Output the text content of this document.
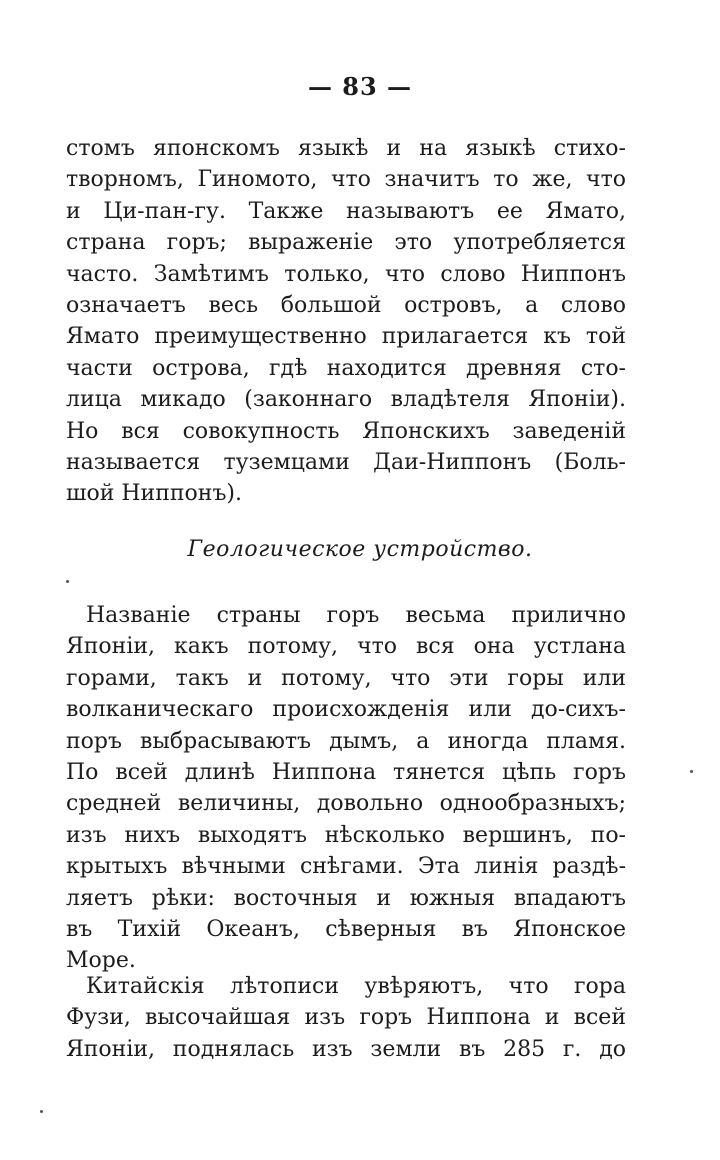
— 83 —
стомъ японскомъ языкѣ и на языкѣ стихо-
творномъ, Гиномото, что значитъ то же, что
и Ци-пан-гу. Также называютъ ее Ямато,
страна горъ; выраженіе это употребляется
часто. Замѣтимъ только, что слово Ниппонъ
означаетъ весь большой островъ, а слово
Ямато преимущественно прилагается къ той
части острова, гдѣ находится древняя сто-
лица микадо (законнаго владѣтеля Японіи).
Но вся совокупность Японскихъ заведеній
называется туземцами Даи-Ниппонъ (Боль-
шой Ниппонъ).
Геологическое устройство.
Названіе страны горъ весьма прилично
Японіи, какъ потому, что вся она устлана
горами, такъ и потому, что эти горы или
волканическаго происхожденія или до-сихъ-
поръ выбрасываютъ дымъ, а иногда пламя.
По всей длинѣ Ниппона тянется цѣпь горъ
средней величины, довольно однообразныхъ;
изъ нихъ выходятъ нѣсколько вершинъ, по-
крытыхъ вѣчными снѣгами. Эта линія раздѣ-
ляетъ рѣки: восточныя и южныя впадаютъ
въ Тихій Океанъ, сѣверныя въ Японское
Море.
Китайскія лѣтописи увѣряютъ, что гора
Фузи, высочайшая изъ горъ Ниппона и всей
Японіи, поднялась изъ земли въ 285 г. до
